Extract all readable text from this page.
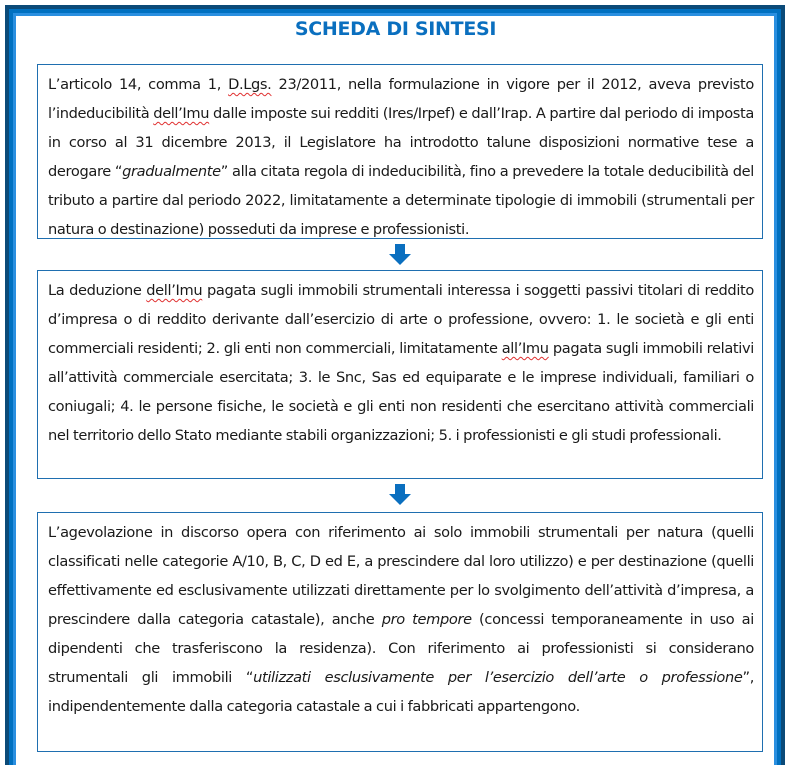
SCHEDA DI SINTESI

L’articolo 14, comma 1, D.Lgs. 23/2011, nella formulazione in vigore per il 2012, aveva previsto l’indeducibilità dell’Imu dalle imposte sui redditi (Ires/Irpef) e dall’Irap. A partire dal periodo di imposta in corso al 31 dicembre 2013, il Legislatore ha introdotto talune disposizioni normative tese a derogare “gradualmente” alla citata regola di indeducibilità, fino a prevedere la totale deducibilità del tributo a partire dal periodo 2022, limitatamente a determinate tipologie di immobili (strumentali per natura o destinazione) posseduti da imprese e professionisti.

La deduzione dell’Imu pagata sugli immobili strumentali interessa i soggetti passivi titolari di reddito d’impresa o di reddito derivante dall’esercizio di arte o professione, ovvero: 1. le società e gli enti commerciali residenti; 2. gli enti non commerciali, limitatamente all’Imu pagata sugli immobili relativi all’attività commerciale esercitata; 3. le Snc, Sas ed equiparate e le imprese individuali, familiari o coniugali; 4. le persone fisiche, le società e gli enti non residenti che esercitano attività commerciali nel territorio dello Stato mediante stabili organizzazioni; 5. i professionisti e gli studi professionali.

L’agevolazione in discorso opera con riferimento ai solo immobili strumentali per natura (quelli classificati nelle categorie A/10, B, C, D ed E, a prescindere dal loro utilizzo) e per destinazione (quelli effettivamente ed esclusivamente utilizzati direttamente per lo svolgimento dell’attività d’impresa, a prescindere dalla categoria catastale), anche pro tempore (concessi temporaneamente in uso ai dipendenti che trasferiscono la residenza). Con riferimento ai professionisti si considerano strumentali gli immobili “utilizzati esclusivamente per l’esercizio dell’arte o professione”, indipendentemente dalla categoria catastale a cui i fabbricati appartengono.
